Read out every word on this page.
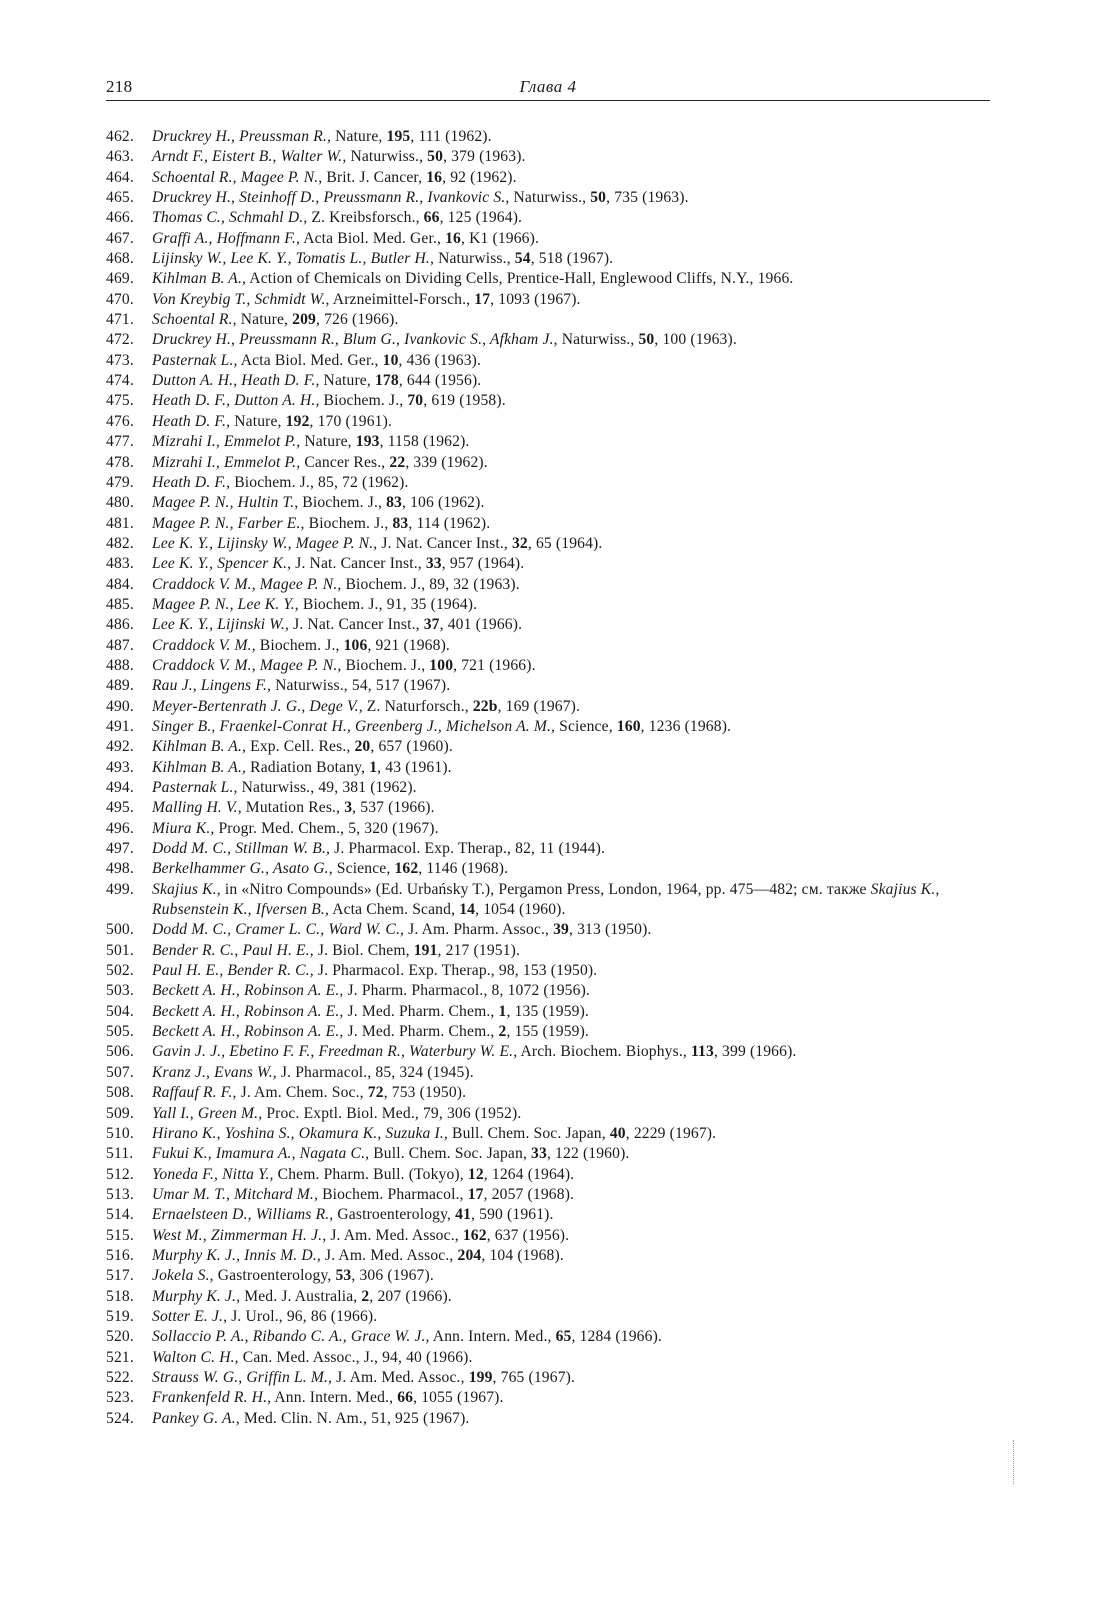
218	Глава 4
462.	Druckrey H., Preussman R., Nature, 195, 111 (1962).
463.	Arndt F., Eistert B., Walter W., Naturwiss., 50, 379 (1963).
464.	Schoental R., Magee P. N., Brit. J. Cancer, 16, 92 (1962).
465.	Druckrey H., Steinhoff D., Preussmann R., Ivankovic S., Naturwiss., 50, 735 (1963).
466.	Thomas C., Schmahl D., Z. Kreibsforsch., 66, 125 (1964).
467.	Graffi A., Hoffmann F., Acta Biol. Med. Ger., 16, K1 (1966).
468.	Lijinsky W., Lee K. Y., Tomatis L., Butler H., Naturwiss., 54, 518 (1967).
469.	Kihlman B. A., Action of Chemicals on Dividing Cells, Prentice-Hall, Englewood Cliffs, N.Y., 1966.
470.	Von Kreybig T., Schmidt W., Arzneimittel-Forsch., 17, 1093 (1967).
471.	Schoental R., Nature, 209, 726 (1966).
472.	Druckrey H., Preussmann R., Blum G., Ivankovic S., Afkham J., Naturwiss., 50, 100 (1963).
473.	Pasternak L., Acta Biol. Med. Ger., 10, 436 (1963).
474.	Dutton A. H., Heath D. F., Nature, 178, 644 (1956).
475.	Heath D. F., Dutton A. H., Biochem. J., 70, 619 (1958).
476.	Heath D. F., Nature, 192, 170 (1961).
477.	Mizrahi I., Emmelot P., Nature, 193, 1158 (1962).
478.	Mizrahi I., Emmelot P., Cancer Res., 22, 339 (1962).
479.	Heath D. F., Biochem. J., 85, 72 (1962).
480.	Magee P. N., Hultin T., Biochem. J., 83, 106 (1962).
481.	Magee P. N., Farber E., Biochem. J., 83, 114 (1962).
482.	Lee K. Y., Lijinsky W., Magee P. N., J. Nat. Cancer Inst., 32, 65 (1964).
483.	Lee K. Y., Spencer K., J. Nat. Cancer Inst., 33, 957 (1964).
484.	Craddock V. M., Magee P. N., Biochem. J., 89, 32 (1963).
485.	Magee P. N., Lee K. Y., Biochem. J., 91, 35 (1964).
486.	Lee K. Y., Lijinski W., J. Nat. Cancer Inst., 37, 401 (1966).
487.	Craddock V. M., Biochem. J., 106, 921 (1968).
488.	Craddock V. M., Magee P. N., Biochem. J., 100, 721 (1966).
489.	Rau J., Lingens F., Naturwiss., 54, 517 (1967).
490.	Meyer-Bertenrath J. G., Dege V., Z. Naturforsch., 22b, 169 (1967).
491.	Singer B., Fraenkel-Conrat H., Greenberg J., Michelson A. M., Science, 160, 1236 (1968).
492.	Kihlman B. A., Exp. Cell. Res., 20, 657 (1960).
493.	Kihlman B. A., Radiation Botany, 1, 43 (1961).
494.	Pasternak L., Naturwiss., 49, 381 (1962).
495.	Malling H. V., Mutation Res., 3, 537 (1966).
496.	Miura K., Progr. Med. Chem., 5, 320 (1967).
497.	Dodd M. C., Stillman W. B., J. Pharmacol. Exp. Therap., 82, 11 (1944).
498.	Berkelhammer G., Asato G., Science, 162, 1146 (1968).
499.	Skajius K., in «Nitro Compounds» (Ed. Urbańsky T.), Pergamon Press, London, 1964, pp. 475—482; см. также Skajius K., Rubsenstein K., Ifversen B., Acta Chem. Scand, 14, 1054 (1960).
500.	Dodd M. C., Cramer L. C., Ward W. C., J. Am. Pharm. Assoc., 39, 313 (1950).
501.	Bender R. C., Paul H. E., J. Biol. Chem, 191, 217 (1951).
502.	Paul H. E., Bender R. C., J. Pharmacol. Exp. Therap., 98, 153 (1950).
503.	Beckett A. H., Robinson A. E., J. Pharm. Pharmacol., 8, 1072 (1956).
504.	Beckett A. H., Robinson A. E., J. Med. Pharm. Chem., 1, 135 (1959).
505.	Beckett A. H., Robinson A. E., J. Med. Pharm. Chem., 2, 155 (1959).
506.	Gavin J. J., Ebetino F. F., Freedman R., Waterbury W. E., Arch. Biochem. Biophys., 113, 399 (1966).
507.	Kranz J., Evans W., J. Pharmacol., 85, 324 (1945).
508.	Raffauf R. F., J. Am. Chem. Soc., 72, 753 (1950).
509.	Yall I., Green M., Proc. Exptl. Biol. Med., 79, 306 (1952).
510.	Hirano K., Yoshina S., Okamura K., Suzuka I., Bull. Chem. Soc. Japan, 40, 2229 (1967).
511.	Fukui K., Imamura A., Nagata C., Bull. Chem. Soc. Japan, 33, 122 (1960).
512.	Yoneda F., Nitta Y., Chem. Pharm. Bull. (Tokyo), 12, 1264 (1964).
513.	Umar M. T., Mitchard M., Biochem. Pharmacol., 17, 2057 (1968).
514.	Ernaelsteen D., Williams R., Gastroenterology, 41, 590 (1961).
515.	West M., Zimmerman H. J., J. Am. Med. Assoc., 162, 637 (1956).
516.	Murphy K. J., Innis M. D., J. Am. Med. Assoc., 204, 104 (1968).
517.	Jokela S., Gastroenterology, 53, 306 (1967).
518.	Murphy K. J., Med. J. Australia, 2, 207 (1966).
519.	Sotter E. J., J. Urol., 96, 86 (1966).
520.	Sollaccio P. A., Ribando C. A., Grace W. J., Ann. Intern. Med., 65, 1284 (1966).
521.	Walton C. H., Can. Med. Assoc., J., 94, 40 (1966).
522.	Strauss W. G., Griffin L. M., J. Am. Med. Assoc., 199, 765 (1967).
523.	Frankenfeld R. H., Ann. Intern. Med., 66, 1055 (1967).
524.	Pankey G. A., Med. Clin. N. Am., 51, 925 (1967).
